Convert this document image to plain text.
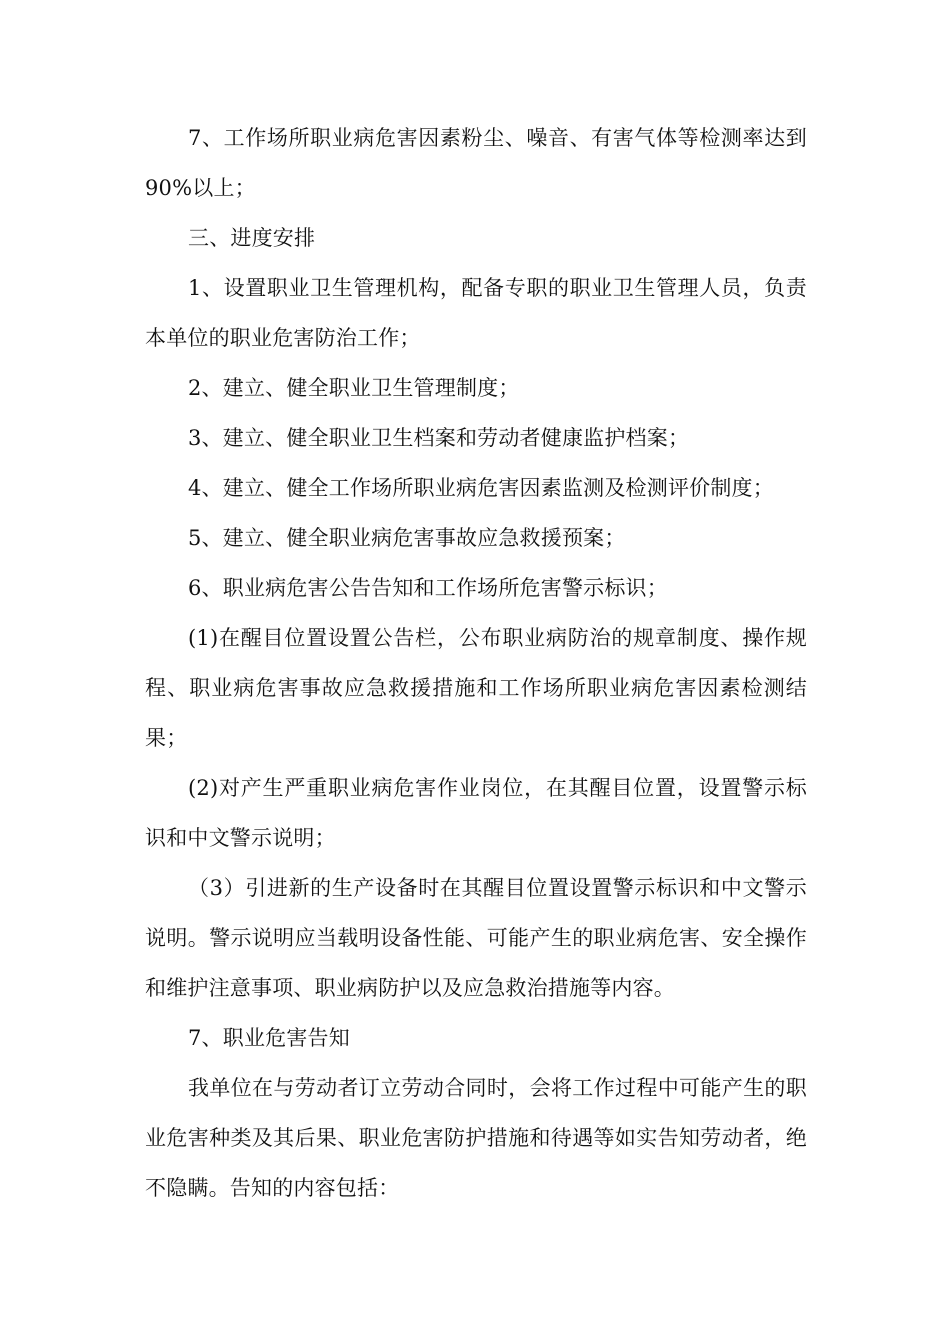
7、工作场所职业病危害因素粉尘、噪音、有害气体等检测率达到90%以上；

三、进度安排

1、设置职业卫生管理机构，配备专职的职业卫生管理人员，负责本单位的职业危害防治工作；

2、建立、健全职业卫生管理制度；

3、建立、健全职业卫生档案和劳动者健康监护档案；

4、建立、健全工作场所职业病危害因素监测及检测评价制度；

5、建立、健全职业病危害事故应急救援预案；

6、职业病危害公告告知和工作场所危害警示标识；

(1)在醒目位置设置公告栏，公布职业病防治的规章制度、操作规程、职业病危害事故应急救援措施和工作场所职业病危害因素检测结果；

(2)对产生严重职业病危害作业岗位，在其醒目位置，设置警示标识和中文警示说明；

（3）引进新的生产设备时在其醒目位置设置警示标识和中文警示说明。警示说明应当载明设备性能、可能产生的职业病危害、安全操作和维护注意事项、职业病防护以及应急救治措施等内容。

7、职业危害告知

我单位在与劳动者订立劳动合同时，会将工作过程中可能产生的职业危害种类及其后果、职业危害防护措施和待遇等如实告知劳动者，绝不隐瞒。告知的内容包括：
